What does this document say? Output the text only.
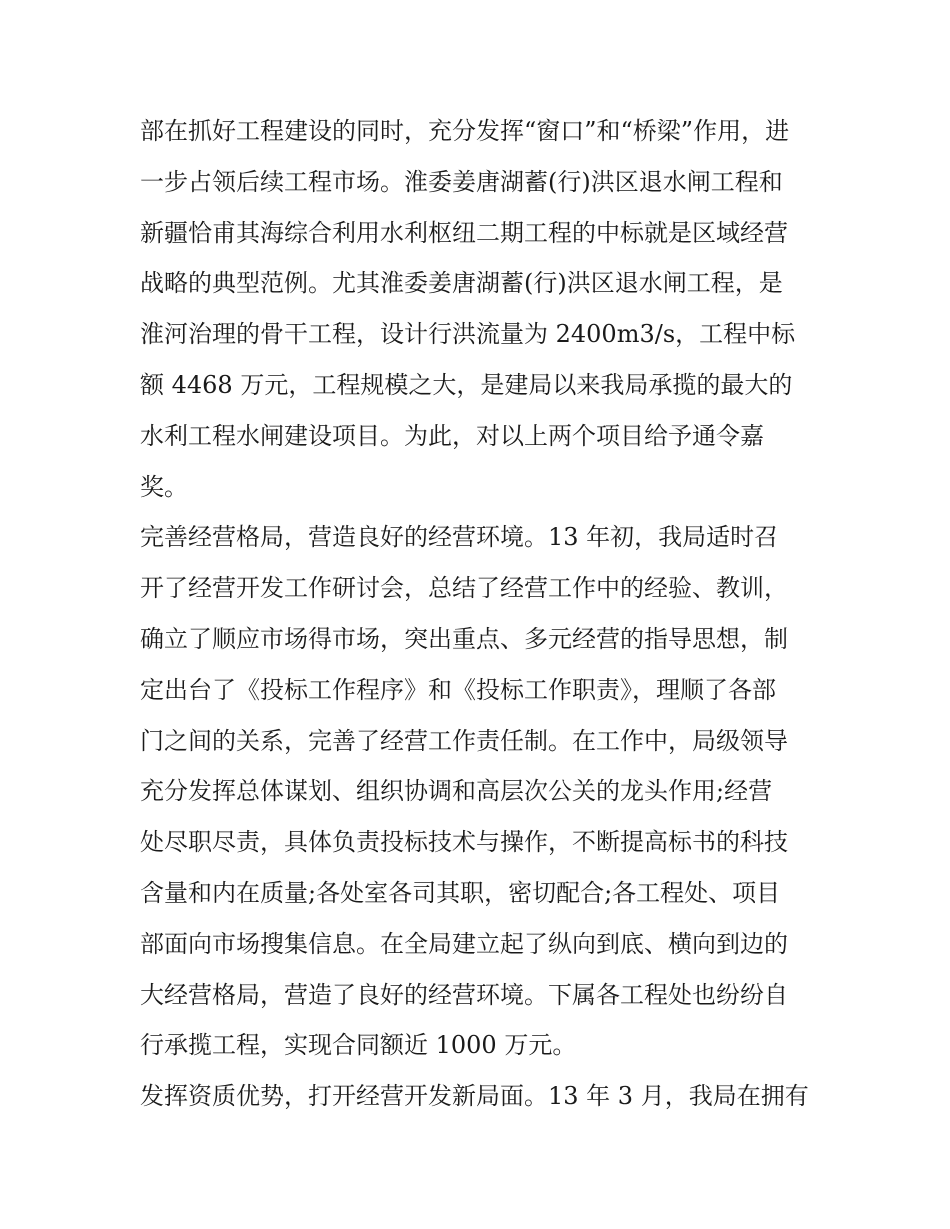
部在抓好工程建设的同时，充分发挥“窗口”和“桥梁”作用，进
一步占领后续工程市场。淮委姜唐湖蓄(行)洪区退水闸工程和
新疆恰甫其海综合利用水利枢纽二期工程的中标就是区域经营
战略的典型范例。尤其淮委姜唐湖蓄(行)洪区退水闸工程，是
淮河治理的骨干工程，设计行洪流量为 2400m3/s，工程中标
额 4468 万元，工程规模之大，是建局以来我局承揽的最大的
水利工程水闸建设项目。为此，对以上两个项目给予通令嘉
奖。
完善经营格局，营造良好的经营环境。13 年初，我局适时召
开了经营开发工作研讨会，总结了经营工作中的经验、教训，
确立了顺应市场得市场，突出重点、多元经营的指导思想，制
定出台了《投标工作程序》和《投标工作职责》，理顺了各部
门之间的关系，完善了经营工作责任制。在工作中，局级领导
充分发挥总体谋划、组织协调和高层次公关的龙头作用;经营
处尽职尽责，具体负责投标技术与操作，不断提高标书的科技
含量和内在质量;各处室各司其职，密切配合;各工程处、项目
部面向市场搜集信息。在全局建立起了纵向到底、横向到边的
大经营格局，营造了良好的经营环境。下属各工程处也纷纷自
行承揽工程，实现合同额近 1000 万元。
发挥资质优势，打开经营开发新局面。13 年 3 月，我局在拥有
